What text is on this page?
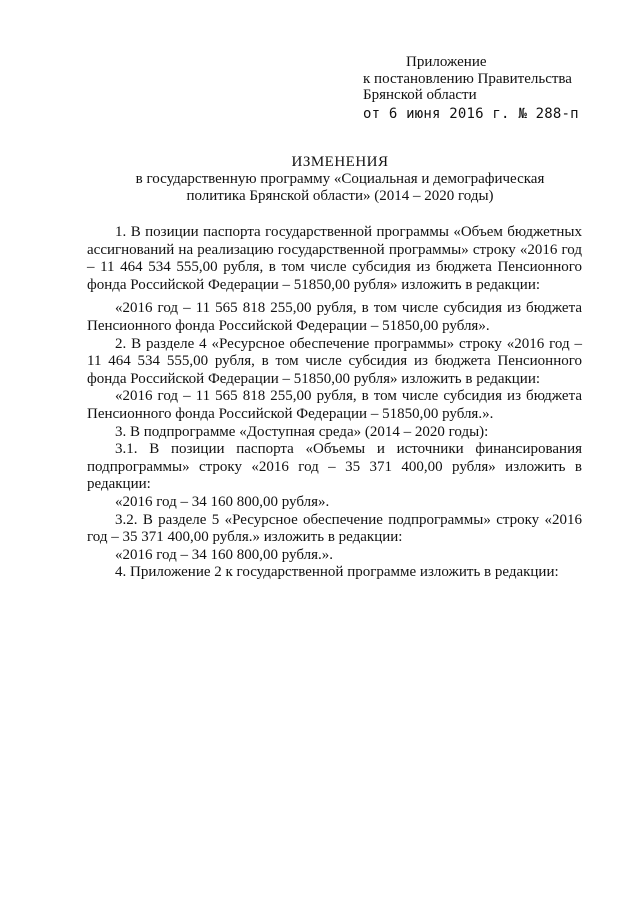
Приложение
к постановлению Правительства
Брянской области
от 6 июня 2016 г. № 288-п
ИЗМЕНЕНИЯ
в государственную программу «Социальная и демографическая
политика Брянской области» (2014 – 2020 годы)

1. В позиции паспорта государственной программы «Объем бюджетных ассигнований на реализацию государственной программы» строку «2016 год – 11 464 534 555,00 рубля, в том числе субсидия из бюджета Пенсионного фонда Российской Федерации – 51850,00 рубля» изложить в редакции:

«2016 год – 11 565 818 255,00 рубля, в том числе субсидия из бюджета Пенсионного фонда Российской Федерации – 51850,00 рубля».

2. В разделе 4 «Ресурсное обеспечение программы» строку «2016 год – 11 464 534 555,00 рубля, в том числе субсидия из бюджета Пенсионного фонда Российской Федерации – 51850,00 рубля» изложить в редакции:

«2016 год – 11 565 818 255,00 рубля, в том числе субсидия из бюджета Пенсионного фонда Российской Федерации – 51850,00 рубля.».

3. В подпрограмме «Доступная среда» (2014 – 2020 годы):

3.1. В позиции паспорта «Объемы и источники финансирования подпрограммы» строку «2016 год – 35 371 400,00 рубля» изложить в редакции:

«2016 год – 34 160 800,00 рубля».

3.2. В разделе 5 «Ресурсное обеспечение подпрограммы» строку «2016 год – 35 371 400,00 рубля.» изложить в редакции:

«2016 год – 34 160 800,00 рубля.».

4. Приложение 2 к государственной программе изложить в редакции:
